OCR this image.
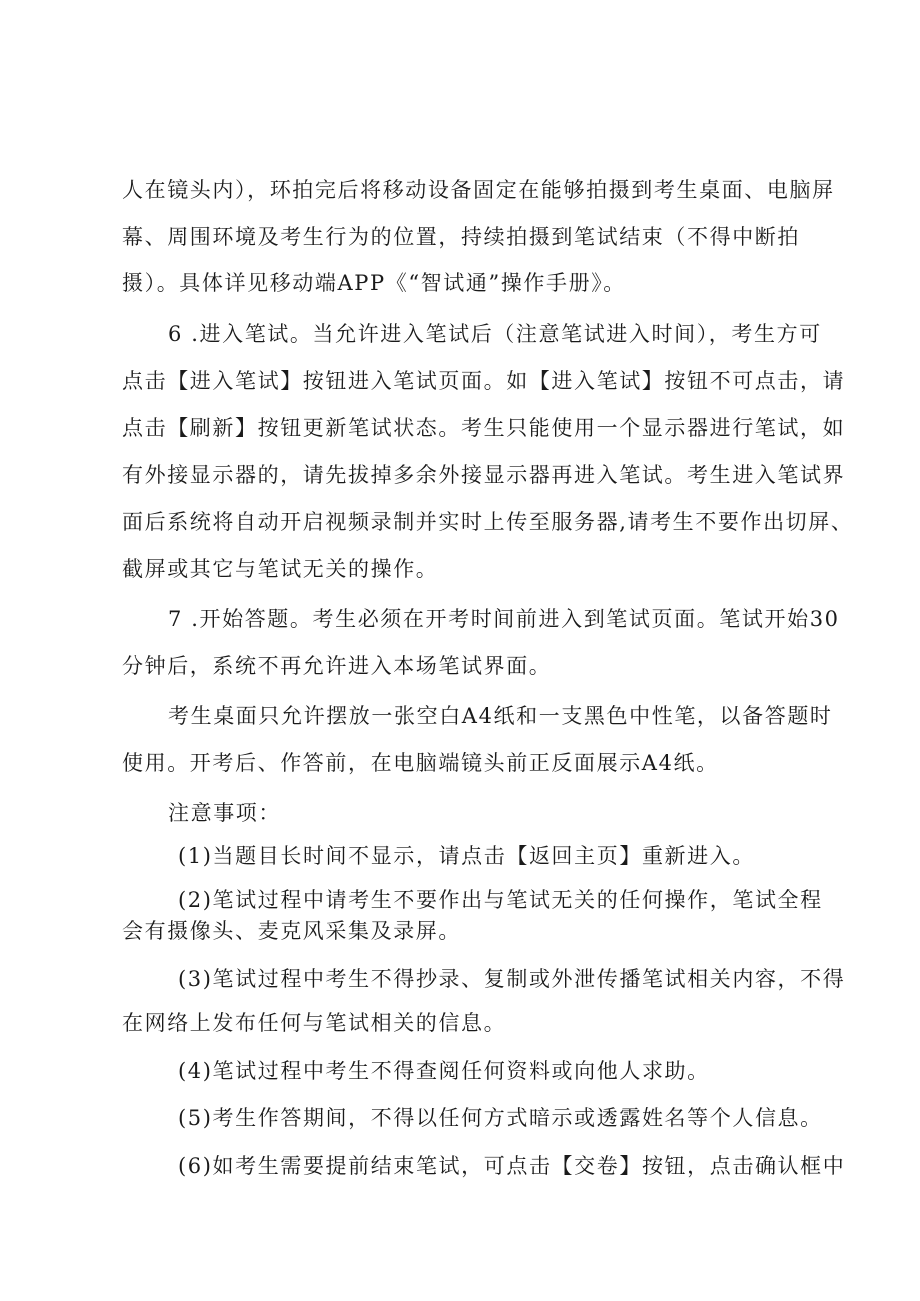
人在镜头内），环拍完后将移动设备固定在能够拍摄到考生桌面、电脑屏
幕、周围环境及考生行为的位置，持续拍摄到笔试结束（不得中断拍
摄）。具体详见移动端APP《“智试通”操作手册》。
6 .进入笔试。当允许进入笔试后（注意笔试进入时间），考生方可
点击【进入笔试】按钮进入笔试页面。如【进入笔试】按钮不可点击，请
点击【刷新】按钮更新笔试状态。考生只能使用一个显示器进行笔试，如
有外接显示器的，请先拔掉多余外接显示器再进入笔试。考生进入笔试界
面后系统将自动开启视频录制并实时上传至服务器,请考生不要作出切屏、
截屏或其它与笔试无关的操作。
7 .开始答题。考生必须在开考时间前进入到笔试页面。笔试开始30
分钟后，系统不再允许进入本场笔试界面。
考生桌面只允许摆放一张空白A4纸和一支黑色中性笔，以备答题时
使用。开考后、作答前，在电脑端镜头前正反面展示A4纸。
注意事项：
(1)当题目长时间不显示，请点击【返回主页】重新进入。
(2)笔试过程中请考生不要作出与笔试无关的任何操作，笔试全程
会有摄像头、麦克风采集及录屏。
(3)笔试过程中考生不得抄录、复制或外泄传播笔试相关内容，不得
在网络上发布任何与笔试相关的信息。
(4)笔试过程中考生不得查阅任何资料或向他人求助。
(5)考生作答期间，不得以任何方式暗示或透露姓名等个人信息。
(6)如考生需要提前结束笔试，可点击【交卷】按钮，点击确认框中
